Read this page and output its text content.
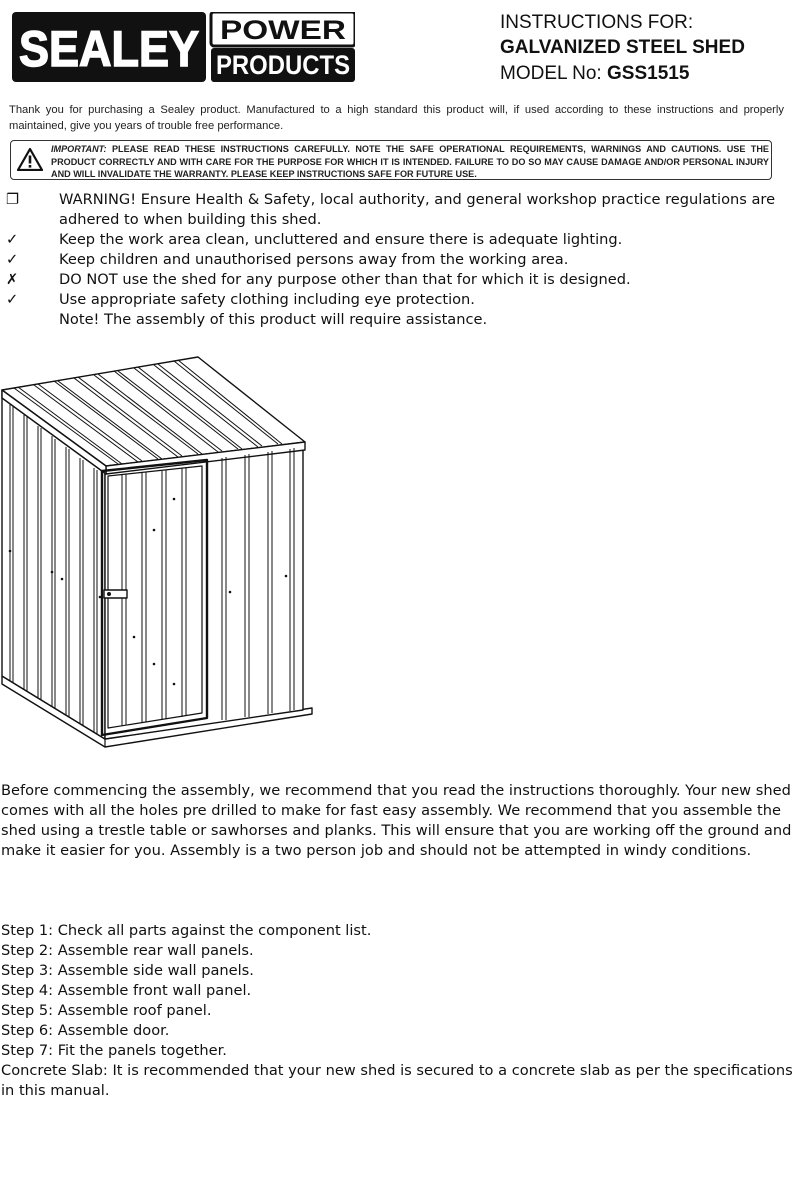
SEALEY POWER
PRODUCTS

INSTRUCTIONS FOR:

GALVANIZED STEEL SHED

MODEL No: GSS1515

Thank you for purchasing a Sealey product. Manufactured to a high standard this product will, if used according to these instructions and properly maintained, give you years of trouble free performance.
IMPORTANT: PLEASE READ THESE INSTRUCTIONS CAREFULLY. NOTE THE SAFE OPERATIONAL REQUIREMENTS, WARNINGS AND CAUTIONS. USE THE PRODUCT CORRECTLY AND WITH CARE FOR THE PURPOSE FOR WHICH IT IS INTENDED. FAILURE TO DO SO MAY CAUSE DAMAGE AND/OR PERSONAL INJURY AND WILL INVALIDATE THE WARRANTY. PLEASE KEEP INSTRUCTIONS SAFE FOR FUTURE USE.
❐	WARNING! Ensure Health & Safety, local authority, and general workshop practice regulations are adhered to when building this shed.
✓	Keep the work area clean, uncluttered and ensure there is adequate lighting.
✓	Keep children and unauthorised persons away from the working area.
✗	DO NOT use the shed for any purpose other than that for which it is designed.
✓	Use appropriate safety clothing including eye protection.
Note! The assembly of this product will require assistance.
Before commencing the assembly, we recommend that you read the instructions thoroughly. Your new shed comes with all the holes pre drilled to make for fast easy assembly. We recommend that you assemble the shed using a trestle table or sawhorses and planks. This will ensure that you are working off the ground and make it easier for you. Assembly is a two person job and should not be attempted in windy conditions.
Step 1: Check all parts against the component list.
Step 2: Assemble rear wall panels.
Step 3: Assemble side wall panels.
Step 4: Assemble front wall panel.
Step 5: Assemble roof panel.
Step 6: Assemble door.
Step 7: Fit the panels together.
Concrete Slab: It is recommended that your new shed is secured to a concrete slab as per the specifications in this manual.
